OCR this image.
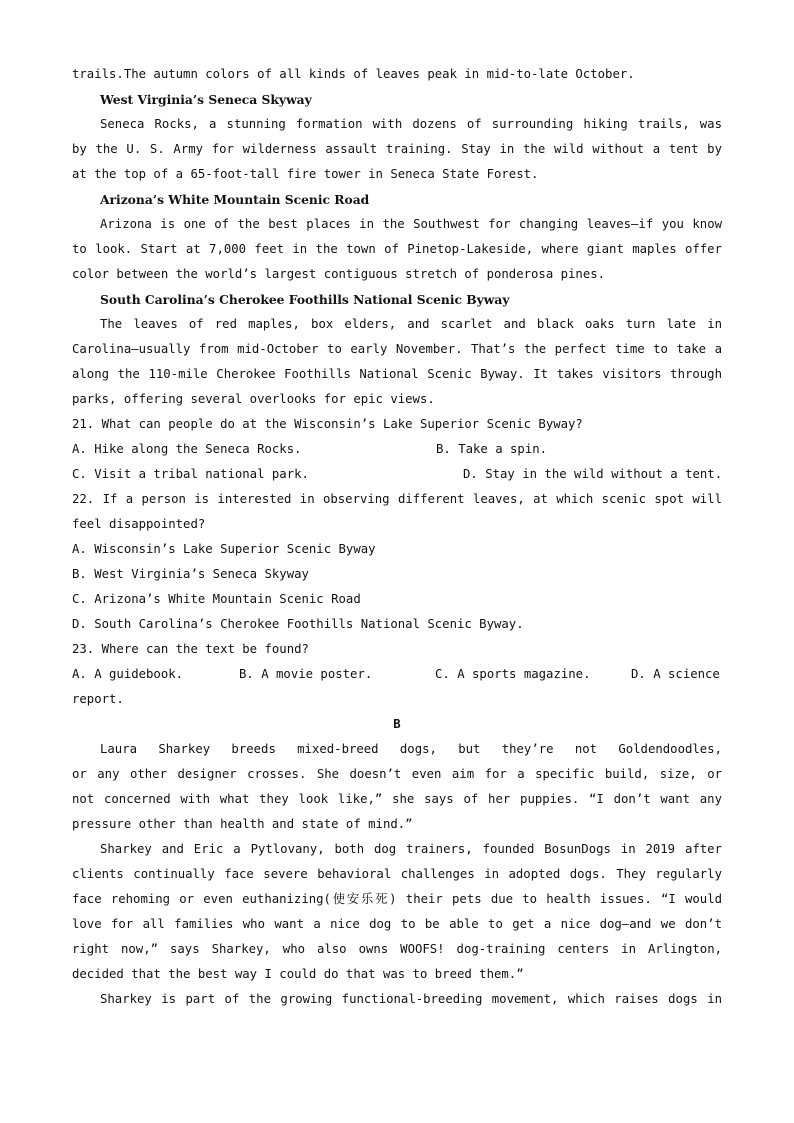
trails.The autumn colors of all kinds of leaves peak in mid-to-late October.
West Virginia’s Seneca Skyway
Seneca Rocks, a stunning formation with dozens of surrounding hiking trails, was
by the U. S. Army for wilderness assault training. Stay in the wild without a tent by
at the top of a 65-foot-tall fire tower in Seneca State Forest.
Arizona’s White Mountain Scenic Road
Arizona is one of the best places in the Southwest for changing leaves—if you know
to look. Start at 7,000 feet in the town of Pinetop-Lakeside, where giant maples offer
color between the world’s largest contiguous stretch of ponderosa pines.
South Carolina’s Cherokee Foothills National Scenic Byway
The leaves of red maples, box elders, and scarlet and black oaks turn late in
Carolina—usually from mid-October to early November. That’s the perfect time to take a
along the 110-mile Cherokee Foothills National Scenic Byway. It takes visitors through
parks, offering several overlooks for epic views.
21. What can people do at the Wisconsin’s Lake Superior Scenic Byway?
A. Hike along the Seneca Rocks.	B. Take a spin.
C. Visit a tribal national park.	D. Stay in the wild without a tent.
22. If a person is interested in observing different leaves, at which scenic spot will
feel disappointed?
A. Wisconsin’s Lake Superior Scenic Byway
B. West Virginia’s Seneca Skyway
C. Arizona’s White Mountain Scenic Road
D. South Carolina’s Cherokee Foothills National Scenic Byway.
23. Where can the text be found?
A. A guidebook.	B. A movie poster.	C. A sports magazine.	D. A science
report.
B
Laura Sharkey breeds mixed-breed dogs, but they’re not Goldendoodles,
or any other designer crosses. She doesn’t even aim for a specific build, size, or
not concerned with what they look like,” she says of her puppies. “I don’t want any
pressure other than health and state of mind.”
Sharkey and Eric a Pytlovany, both dog trainers, founded BosunDogs in 2019 after
clients continually face severe behavioral challenges in adopted dogs. They regularly
face rehoming or even euthanizing(使安乐死) their pets due to health issues. “I would
love for all families who want a nice dog to be able to get a nice dog—and we don’t
right now,” says Sharkey, who also owns WOOFS! dog-training centers in Arlington,
decided that the best way I could do that was to breed them.”
Sharkey is part of the growing functional-breeding movement, which raises dogs in
